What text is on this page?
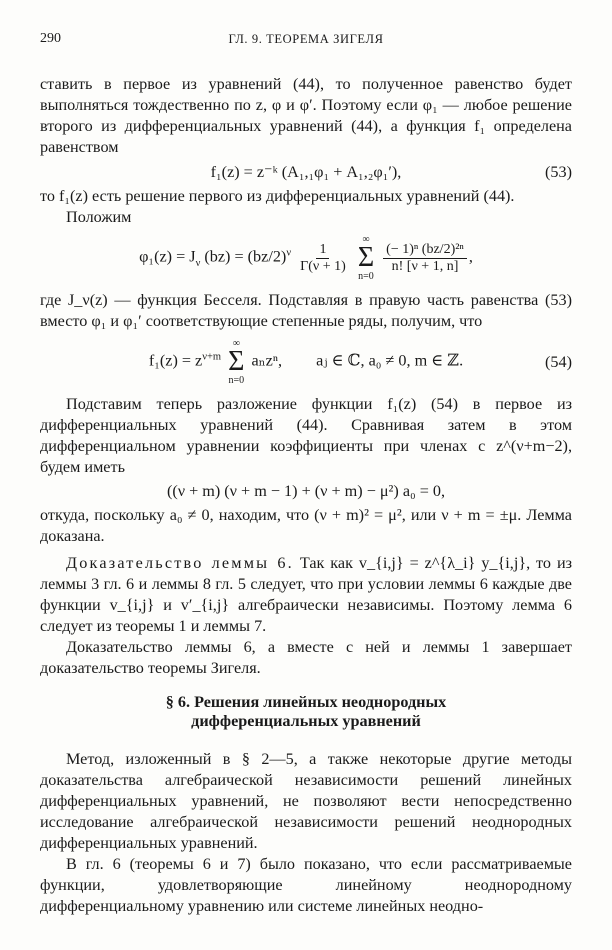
290	ГЛ. 9. ТЕОРЕМА ЗИГЕЛЯ

ставить в первое из уравнений (44), то полученное равенство будет выполняться тождественно по z, φ и φ′. Поэтому если φ₁ — любое решение второго из дифференциальных уравнений (44), а функция f₁ определена равенством

f₁(z) = z⁻ᵏ (A₁,₁φ₁ + A₁,₂φ₁′),	(53)

то f₁(z) есть решение первого из дифференциальных уравнений (44).

Положим

$\varphi_1(z) = J_\nu$ $(bz) = (bz/2)^\nu \frac{1}{\Gamma(\nu + 1)}$

∞
Σ
n=0

$\frac{\text{(− 1)ⁿ (bz/2)²ⁿ}}{n! [\nu + 1, n]}$ ,

где J_ν(z) — функция Бесселя. Подставляя в правую часть равенства (53) вместо φ₁ и φ₁′ соответствующие степенные ряды, получим, что

$f_1(z) = z^{\nu+m}$
∞
Σ
n=0
aₙzⁿ, aⱼ ∈ ℂ, a₀ ≠ 0, m ∈ ℤ.	(54)

Подставим теперь разложение функции f₁(z) (54) в первое из дифференциальных уравнений (44). Сравнивая затем в этом дифференциальном уравнении коэффициенты при членах с z^(ν+m−2), будем иметь

((ν + m) (ν + m − 1) + (ν + m) − μ²) a₀ = 0,

откуда, поскольку a₀ ≠ 0, находим, что (ν + m)² = μ², или ν + m = ±μ. Лемма доказана.

Доказательство леммы 6. Так как v_{i,j} = z^{λ_i} y_{i,j}, то из леммы 3 гл. 6 и леммы 8 гл. 5 следует, что при условии леммы 6 каждые две функции v_{i,j} и v′_{i,j} алгебраически независимы. Поэтому лемма 6 следует из теоремы 1 и леммы 7.

Доказательство леммы 6, а вместе с ней и леммы 1 завершает доказательство теоремы Зигеля.

§ 6. Решения линейных неоднородных
дифференциальных уравнений

Метод, изложенный в § 2—5, а также некоторые другие методы доказательства алгебраической независимости решений линейных дифференциальных уравнений, не позволяют вести непосредственно исследование алгебраической независимости решений неоднородных дифференциальных уравнений.

В гл. 6 (теоремы 6 и 7) было показано, что если рассматриваемые функции, удовлетворяющие линейному неоднородному дифференциальному уравнению или системе линейных неодно-
